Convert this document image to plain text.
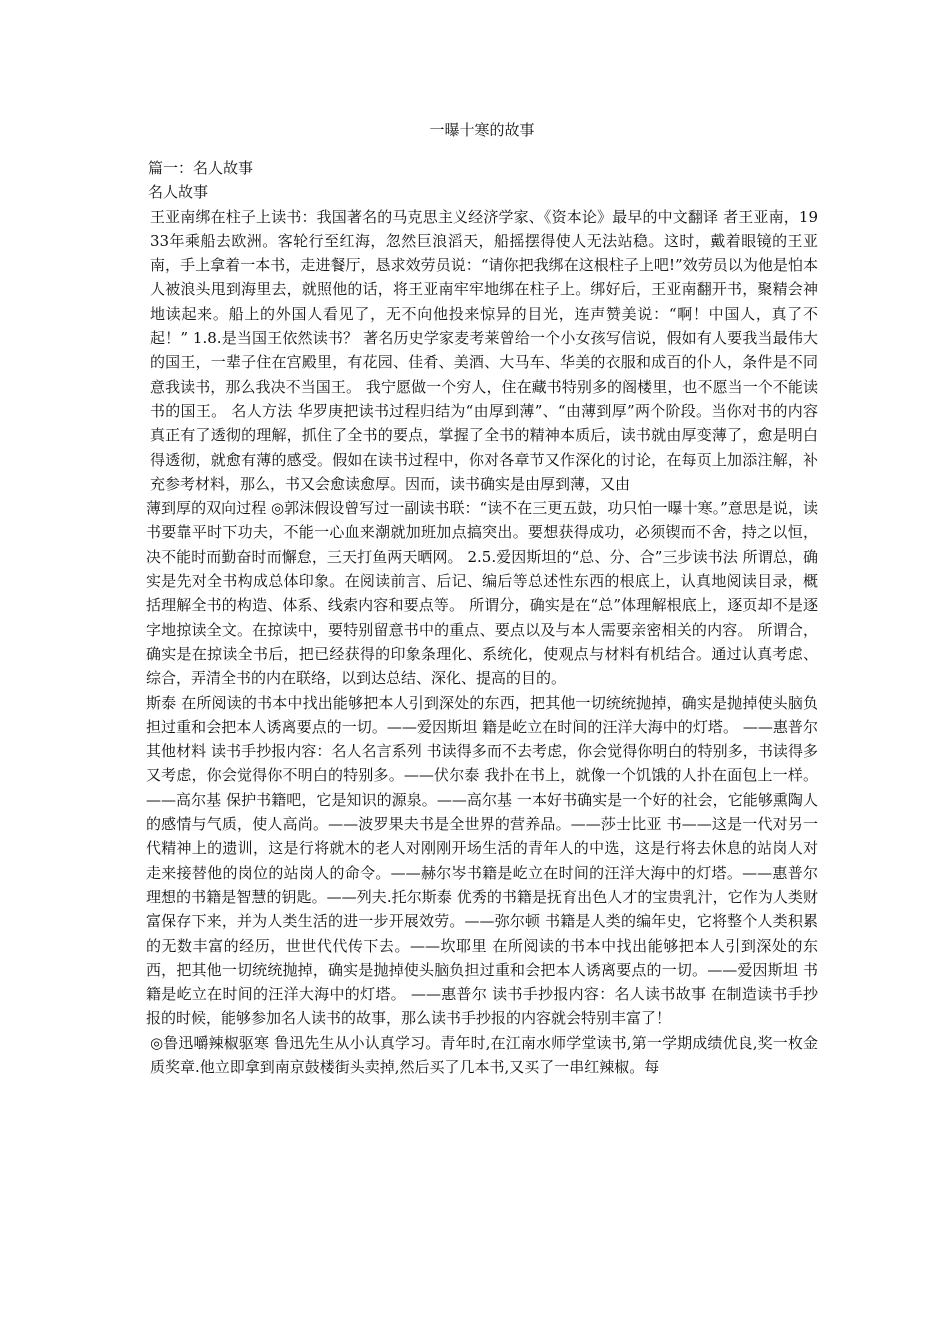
一曝十寒的故事
篇一：名人故事
名人故事

王亚南绑在柱子上读书：我国著名的马克思主义经济学家、《资本论》最早的中文翻译 者王亚南，1933年乘船去欧洲。客轮行至红海，忽然巨浪滔天，船摇摆得使人无法站稳。这时，戴着眼镜的王亚南，手上拿着一本书，走进餐厅，恳求效劳员说：“请你把我绑在这根柱子上吧!”效劳员以为他是怕本人被浪头甩到海里去，就照他的话，将王亚南牢牢地绑在柱子上。绑好后，王亚南翻开书，聚精会神地读起来。船上的外国人看见了，无不向他投来惊异的目光，连声赞美说：“啊！中国人，真了不起！” 1.8.是当国王依然读书？ 著名历史学家麦考莱曾给一个小女孩写信说，假如有人要我当最伟大的国王，一辈子住在宫殿里，有花园、佳肴、美酒、大马车、华美的衣服和成百的仆人，条件是不同意我读书，那么我决不当国王。 我宁愿做一个穷人，住在藏书特别多的阁楼里，也不愿当一个不能读书的国王。 名人方法 华罗庚把读书过程归结为“由厚到薄”、“由薄到厚”两个阶段。当你对书的内容真正有了透彻的理解，抓住了全书的要点，掌握了全书的精神本质后，读书就由厚变薄了，愈是明白得透彻，就愈有薄的感受。假如在读书过程中，你对各章节又作深化的讨论，在每页上加添注解，补充参考材料，那么，书又会愈读愈厚。因而，读书确实是由厚到薄，又由

薄到厚的双向过程 ◎郭沫假设曾写过一副读书联：“读不在三更五鼓，功只怕一曝十寒。”意思是说，读书要靠平时下功夫，不能一心血来潮就加班加点搞突出。要想获得成功，必须锲而不舍，持之以恒，决不能时而勤奋时而懈怠，三天打鱼两天晒网。 2.5.爱因斯坦的“总、分、合”三步读书法 所谓总，确实是先对全书构成总体印象。在阅读前言、后记、编后等总述性东西的根底上，认真地阅读目录，概括理解全书的构造、体系、线索内容和要点等。 所谓分，确实是在“总”体理解根底上，逐页却不是逐字地掠读全文。在掠读中，要特别留意书中的重点、要点以及与本人需要亲密相关的内容。 所谓合，确实是在掠读全书后，把已经获得的印象条理化、系统化，使观点与材料有机结合。通过认真考虑、综合，弄清全书的内在联络，以到达总结、深化、提高的目的。

斯泰 在所阅读的书本中找出能够把本人引到深处的东西，把其他一切统统抛掉，确实是抛掉使头脑负担过重和会把本人诱离要点的一切。——爱因斯坦 籍是屹立在时间的汪洋大海中的灯塔。 ——惠普尔其他材料 读书手抄报内容：名人名言系列 书读得多而不去考虑，你会觉得你明白的特别多，书读得多又考虑，你会觉得你不明白的特别多。——伏尔泰 我扑在书上，就像一个饥饿的人扑在面包上一样。——高尔基 保护书籍吧，它是知识的源泉。——高尔基 一本好书确实是一个好的社会，它能够熏陶人的感情与气质，使人高尚。——波罗果夫书是全世界的营养品。——莎士比亚 书——这是一代对另一代精神上的遗训，这是行将就木的老人对刚刚开场生活的青年人的中选，这是行将去休息的站岗人对走来接替他的岗位的站岗人的命令。——赫尔岑书籍是屹立在时间的汪洋大海中的灯塔。——惠普尔理想的书籍是智慧的钥匙。——列夫.托尔斯泰 优秀的书籍是抚育出色人才的宝贵乳汁，它作为人类财富保存下来，并为人类生活的进一步开展效劳。——弥尔顿 书籍是人类的编年史，它将整个人类积累的无数丰富的经历，世世代代传下去。——坎耶里 在所阅读的书本中找出能够把本人引到深处的东西，把其他一切统统抛掉，确实是抛掉使头脑负担过重和会把本人诱离要点的一切。——爱因斯坦 书籍是屹立在时间的汪洋大海中的灯塔。 ——惠普尔 读书手抄报内容：名人读书故事 在制造读书手抄报的时候，能够参加名人读书的故事，那么读书手抄报的内容就会特别丰富了！

◎鲁迅嚼辣椒驱寒 鲁迅先生从小认真学习。青年时,在江南水师学堂读书,第一学期成绩优良,奖一枚金质奖章.他立即拿到南京鼓楼街头卖掉,然后买了几本书,又买了一串红辣椒。每
